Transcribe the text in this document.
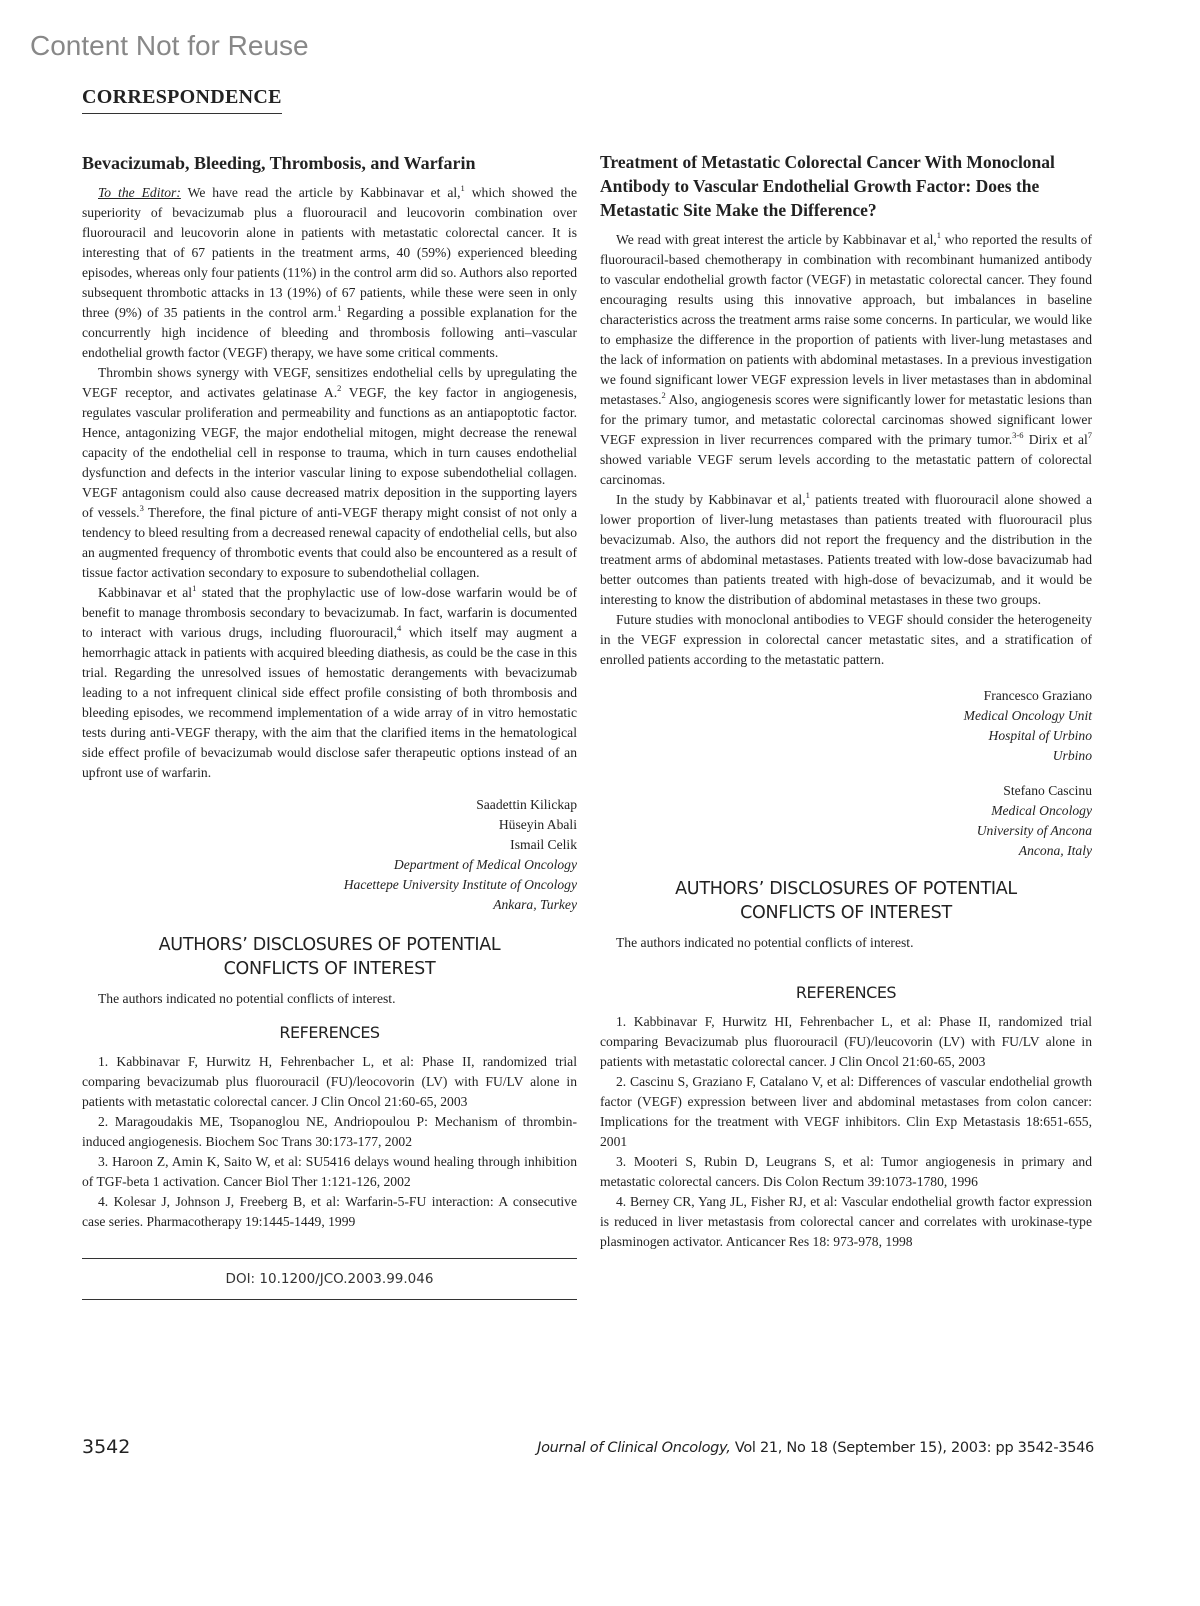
Content Not for Reuse
CORRESPONDENCE
Bevacizumab, Bleeding, Thrombosis, and Warfarin

To the Editor: We have read the article by Kabbinavar et al,$^1$ which showed the superiority of bevacizumab plus a fluorouracil and leucovorin combination over fluorouracil and leucovorin alone in patients with metastatic colorectal cancer. It is interesting that of 67 patients in the treatment arms, 40 (59%) experienced bleeding episodes, whereas only four patients (11%) in the control arm did so. Authors also reported subsequent thrombotic attacks in 13 (19%) of 67 patients, while these were seen in only three (9%) of 35 patients in the control arm.$^1$ Regarding a possible explanation for the concurrently high incidence of bleeding and thrombosis following anti–vascular endothelial growth factor (VEGF) therapy, we have some critical comments.

Thrombin shows synergy with VEGF, sensitizes endothelial cells by upregulating the VEGF receptor, and activates gelatinase A.$^2$ VEGF, the key factor in angiogenesis, regulates vascular proliferation and permeability and functions as an antiapoptotic factor. Hence, antagonizing VEGF, the major endothelial mitogen, might decrease the renewal capacity of the endothelial cell in response to trauma, which in turn causes endothelial dysfunction and defects in the interior vascular lining to expose subendothelial collagen. VEGF antagonism could also cause decreased matrix deposition in the supporting layers of vessels.$^3$ Therefore, the final picture of anti-VEGF therapy might consist of not only a tendency to bleed resulting from a decreased renewal capacity of endothelial cells, but also an augmented frequency of thrombotic events that could also be encountered as a result of tissue factor activation secondary to exposure to subendothelial collagen.

Kabbinavar et $al^1$ stated that the prophylactic use of low-dose warfarin would be of benefit to manage thrombosis secondary to bevacizumab. In fact, warfarin is documented to interact with various drugs, including fluorouracil,$^4$ which itself may augment a hemorrhagic attack in patients with acquired bleeding diathesis, as could be the case in this trial. Regarding the unresolved issues of hemostatic derangements with bevacizumab leading to a not infrequent clinical side effect profile consisting of both thrombosis and bleeding episodes, we recommend implementation of a wide array of in vitro hemostatic tests during anti-VEGF therapy, with the aim that the clarified items in the hematological side effect profile of bevacizumab would disclose safer therapeutic options instead of an upfront use of warfarin.

Saadettin Kilickap
Hüseyin Abali
Ismail Celik
Department of Medical Oncology
Hacettepe University Institute of Oncology
Ankara, Turkey
AUTHORS’ DISCLOSURES OF POTENTIAL
CONFLICTS OF INTEREST

The authors indicated no potential conflicts of interest.

REFERENCES

1. Kabbinavar F, Hurwitz H, Fehrenbacher L, et al: Phase II, randomized trial comparing bevacizumab plus fluorouracil (FU)/leocovorin (LV) with FU/LV alone in patients with metastatic colorectal cancer. J Clin Oncol 21:60-65, 2003

2. Maragoudakis ME, Tsopanoglou NE, Andriopoulou P: Mechanism of thrombin-induced angiogenesis. Biochem Soc Trans 30:173-177, 2002

3. Haroon Z, Amin K, Saito W, et al: SU5416 delays wound healing through inhibition of TGF-beta 1 activation. Cancer Biol Ther 1:121-126, 2002

4. Kolesar J, Johnson J, Freeberg B, et al: Warfarin-5-FU interaction: A consecutive case series. Pharmacotherapy 19:1445-1449, 1999

DOI: 10.1200/JCO.2003.99.046
Treatment of Metastatic Colorectal Cancer With Monoclonal Antibody to Vascular Endothelial Growth Factor: Does the Metastatic Site Make the Difference?

We read with great interest the article by Kabbinavar et al,$^1$ who reported the results of fluorouracil-based chemotherapy in combination with recombinant humanized antibody to vascular endothelial growth factor (VEGF) in metastatic colorectal cancer. They found encouraging results using this innovative approach, but imbalances in baseline characteristics across the treatment arms raise some concerns. In particular, we would like to emphasize the difference in the proportion of patients with liver-lung metastases and the lack of information on patients with abdominal metastases. In a previous investigation we found significant lower VEGF expression levels in liver metastases than in abdominal metastases.$^2$ Also, angiogenesis scores were significantly lower for metastatic lesions than for the primary tumor, and metastatic colorectal carcinomas showed significant lower VEGF expression in liver recurrences compared with the primary tumor.$^{3-6}$ Dirix et $al^7$ showed variable VEGF serum levels according to the metastatic pattern of colorectal carcinomas.

In the study by Kabbinavar et al,$^1$ patients treated with fluorouracil alone showed a lower proportion of liver-lung metastases than patients treated with fluorouracil plus bevacizumab. Also, the authors did not report the frequency and the distribution in the treatment arms of abdominal metastases. Patients treated with low-dose bavacizumab had better outcomes than patients treated with high-dose of bevacizumab, and it would be interesting to know the distribution of abdominal metastases in these two groups.

Future studies with monoclonal antibodies to VEGF should consider the heterogeneity in the VEGF expression in colorectal cancer metastatic sites, and a stratification of enrolled patients according to the metastatic pattern.

Francesco Graziano
Medical Oncology Unit
Hospital of Urbino
Urbino
Stefano Cascinu
Medical Oncology
University of Ancona
Ancona, Italy
AUTHORS’ DISCLOSURES OF POTENTIAL
CONFLICTS OF INTEREST

The authors indicated no potential conflicts of interest.

REFERENCES

1. Kabbinavar F, Hurwitz HI, Fehrenbacher L, et al: Phase II, randomized trial comparing Bevacizumab plus fluorouracil (FU)/leucovorin (LV) with FU/LV alone in patients with metastatic colorectal cancer. J Clin Oncol 21:60-65, 2003

2. Cascinu S, Graziano F, Catalano V, et al: Differences of vascular endothelial growth factor (VEGF) expression between liver and abdominal metastases from colon cancer: Implications for the treatment with VEGF inhibitors. Clin Exp Metastasis 18:651-655, 2001

3. Mooteri S, Rubin D, Leugrans S, et al: Tumor angiogenesis in primary and metastatic colorectal cancers. Dis Colon Rectum 39:1073-1780, 1996

4. Berney CR, Yang JL, Fisher RJ, et al: Vascular endothelial growth factor expression is reduced in liver metastasis from colorectal cancer and correlates with urokinase-type plasminogen activator. Anticancer Res 18: 973-978, 1998

3542	Journal of Clinical Oncology, Vol 21, No 18 (September 15), 2003: pp 3542-3546
